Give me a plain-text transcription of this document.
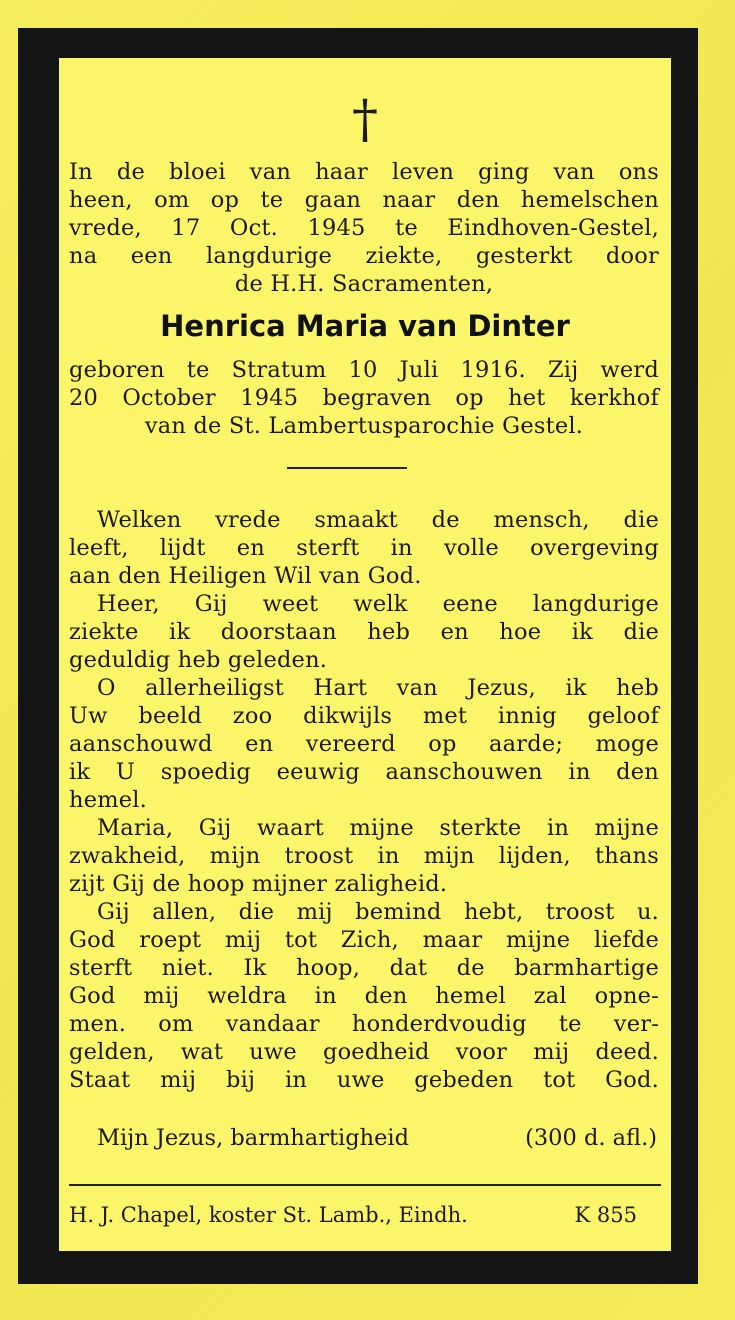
†
In de bloei van haar leven ging van ons
heen, om op te gaan naar den hemelschen
vrede, 17 Oct. 1945 te Eindhoven-Gestel,
na een langdurige ziekte, gesterkt door
de H.H. Sacramenten,
Henrica Maria van Dinter
geboren te Stratum 10 Juli 1916. Zij werd
20 October 1945 begraven op het kerkhof
van de St. Lambertusparochie Gestel.
Welken vrede smaakt de mensch, die
leeft, lijdt en sterft in volle overgeving
aan den Heiligen Wil van God.
Heer, Gij weet welk eene langdurige
ziekte ik doorstaan heb en hoe ik die
geduldig heb geleden.
O allerheiligst Hart van Jezus, ik heb
Uw beeld zoo dikwijls met innig geloof
aanschouwd en vereerd op aarde; moge
ik U spoedig eeuwig aanschouwen in den
hemel.
Maria, Gij waart mijne sterkte in mijne
zwakheid, mijn troost in mijn lijden, thans
zijt Gij de hoop mijner zaligheid.
Gij allen, die mij bemind hebt, troost u.
God roept mij tot Zich, maar mijne liefde
sterft niet. Ik hoop, dat de barmhartige
God mij weldra in den hemel zal opne-
men. om vandaar honderdvoudig te ver-
gelden, wat uwe goedheid voor mij deed.
Staat mij bij in uwe gebeden tot God.
Mijn Jezus, barmhartigheid	(300 d. afl.)
H. J. Chapel, koster St. Lamb., Eindh.	K 855
